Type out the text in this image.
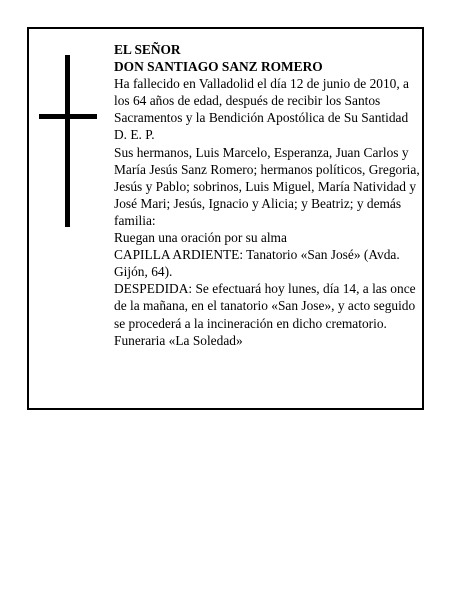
EL SEÑOR

DON SANTIAGO SANZ ROMERO

Ha fallecido en Valladolid el día 12 de junio de 2010, a los 64 años de edad, después de recibir los Santos Sacramentos y la Bendición Apostólica de Su Santidad D. E. P.

Sus hermanos, Luis Marcelo, Esperanza, Juan Carlos y María Jesús Sanz Romero; hermanos políticos, Gregoria, Jesús y Pablo; sobrinos, Luis Miguel, María Natividad y José Mari; Jesús, Ignacio y Alicia; y Beatriz; y demás familia:

Ruegan una oración por su alma

CAPILLA ARDIENTE: Tanatorio «San José» (Avda. Gijón, 64).

DESPEDIDA: Se efectuará hoy lunes, día 14, a las once de la mañana, en el tanatorio «San Jose», y acto seguido se procederá a la incineración en dicho crematorio.

Funeraria «La Soledad»
